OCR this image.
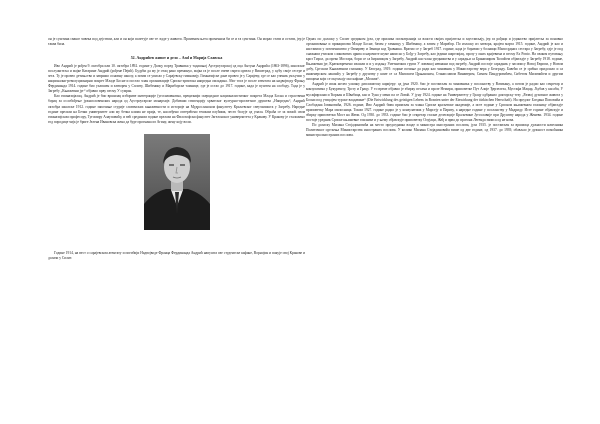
он је суштина сваког човека под дејством, али и он који полетује све те људе у животи. Променом њега променила би се и та суштина. Он морао стати и остати, јер је таква била.

52. Андрићев живот и дело – Аnd и Марија Славска

Иво Андрић је рођен 9. октобра или 10. октобра 1892. године у Долцу поред Травника у тадашњој Аустроугарској од оца Антуна Андрића (1863-1896), школског послужитеља и мајке Катарине Андрић (рођене Пејић). Будући да му је отац рано преминуо, мајка га је после очеве смрти одвела у Вишеград, у кућу своје сестре и зета. Ту је провео детињство и завршио основну школу, а затим се уписао у Сарајевску гимназију. Гимназијске дане провео је у Сарајеву, где се као ученик укључио у национално-револуционарни покрет Младе Босне и постао члан организације Српско-хрватска напредна омладина. Због тога је после атентата на надвојводу Фрању Фердинанда 1914. године био ухапшен и затворен у Сплиту, Шибенику и Мариборске тамнице, где је остао до 1917. године, када је пуштен на слободу. Тада је у Загребу „Књижевни југ“ објавио прву песму У сумрак.

Као гимназијалац, Андрић је био вршилац избориве интеграције (угоснвовнатна, прецизнији скерцидног националистичког покрета Млада Босна и страствени борац за ослобођење јужнословенских народа од Аустроугарске монархије. Добивши стипендију хрватског културно-просветног друштва „Напредак“, Андрић октобра школске 1912. године започиње студије словенских књижевности и историје на Мудросланском факултету Краљевског свеучилишта у Загребу. Наредне године прелази на Бечки универзитет али му бечка клима не прија, те, наслеђено оптерећено тешким плућима, често болује од упала. Обраћа се за помоћ свом гимназијском професору, Тугомиру Алауповићу, и већ средином године прелази на Филозофски факултет Јагелонског универзитета у Кракову. У Кракову је сталожено год породице чија је бриге Јелена Ивановска жена да буде прогнана из Агину, жену коју воли.

Године 1914, на вест о сарајевском атентату и погибији Надвојводе Франца Фердинанда Андрић напушта све студентске кафане, Ворнојик и пакује свој Кракове и долази у Сплит.

Одмах по доласку у Сплит средином јула, где прилика посматранија са власти својих пријатеља и заустављају, јер га рођаци и јединство пријатеља за поновно организовање и принципови Младе Босне, бачен у тамницу у Шибенику, а затим у Марибор. По изласку из затвора, крајем марта 1915. године, Андрић је као и настависи у заточеништво у Овчареву и Зеници код Травника. Вратио се у Загреб 1917. године, када је боравио у болници Милосрдних сестара у Загребу, гдје је под снажним утиском сликовитих црква и нарочите шуме написао у Бођу у Загребу, као једини шарелијац, прозу у оних крајевима и песму Ex Ponto. На сваком путовању кроз Тирол, да преко Мостара, бори се са ћирилицом у Загребу, Андрић као члан уредништва и у сарадњи са Бранимиром Ћосићем објављује у Загребу 1918. године, Књижевни југ, Кратковремено изашли и и у издању Уметничких групи У ловачкој неважни под загребу, Андрић постаје сарадник у часопису Новој Европи, у Новом добу, Сртском Књижевном гласнику. У Београд, 1919. године почиње да ради као чиновник у Министарству вера у Београду. Бавећи се је срећно придошло и са инженерском лакошћу у Загребу у друштву у коме се са Милошем Црњанским, Станиславом Винавером, Симом Пандуровићем, Сибетом Миличићем и другим писцима који се окупљају око кафане „Москва“.

Андрић је ипак желео улазаку дипломатску каријеру: од јуна 1920. био је постављен за чиновника у посланству у Ватикану, а потом је радио као секретар и конзулатима у Букурешту, Трсту и Грацу. У то време објавио је збирку песама и прозе Немири, приповетке Пут Алије Ђерзелеза, Мустафа Маџар, Љубав у касаби, У мусафирхани и Ћоркан и Швабица, као и Туна у мени па се Ловаћ. У јуну 1924. године на Универзитету у Грацу одбранио докторску тезу „Развој духовног живота у Босни под утицајем турске владавине“ (Die Entwicklung des geistigen Lebens in Bosnien unter der Einwirkung der türkischen Herrschaft). На предлог Богдана Поповића и Слободана Јовановића, 1926. године, Иво Андрић бива примљен за члана Српске краљевске академије, а исте године у Српском књижевном гласнику објављује приповетку Мара милосница. Током 1927. године радио је у конзулатима у Марсеју и Паризу, а наредне године у посланству у Мадриду. Исте године објављује и збирку приповетки Мост на Жепи. Од 1930. до 1933. године био је секретар сталне делегације Краљевине Југославије при Друштву народа у Женеви. 1934. године постаје уредник Српске књижевне гласнике и у њему објављује приповетку Олујаци, Жеђ и прва до прогона Легенда записа од не нова.

По доласку Милана Стојадиновића на место председника владе и министра иностраних послова, јула 1935. је постављен за вршиоца дужности начелника Политичког одељења Министарства иностраних послова. У колико Милана Стојадиновића више од две године, од 1937. до 1939, обављао је дужност помоћника министра иностраних послова.
